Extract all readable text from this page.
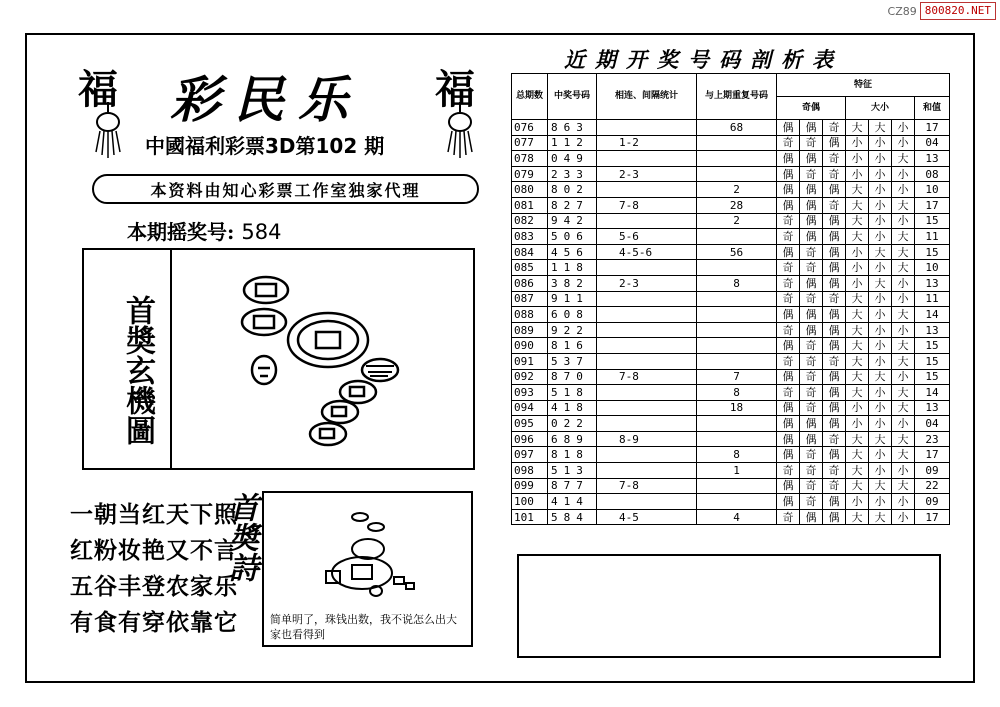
CZ89 800820.NET
福	福
彩民乐
中國福利彩票3D第102 期
本资料由知心彩票工作室独家代理
本期摇奖号: 584
首奬玄機圖
一朝当红天下照
红粉妆艳又不言
五谷丰登农家乐
有食有穿依靠它
首奬詩
简单明了，珠钱出数，我不说怎么出大家也看得到
近期开奖号码剖析表
总期数	中奖号码	相连、间隔统计	与上期重复号码	特征						
				奇偶			大小			和值
076	863		68	偶	偶	奇	大	大	小	17
077	112	1-2		奇	奇	偶	小	小	小	04
078	049			偶	偶	奇	小	小	大	13
079	233	2-3		偶	奇	奇	小	小	小	08
080	802		2	偶	偶	偶	大	小	小	10
081	827	7-8	28	偶	偶	奇	大	小	大	17
082	942		2	奇	偶	偶	大	小	小	15
083	506	5-6		奇	偶	偶	大	小	大	11
084	456	4-5-6	56	偶	奇	偶	小	大	大	15
085	118			奇	奇	偶	小	小	大	10
086	382	2-3	8	奇	偶	偶	小	大	小	13
087	911			奇	奇	奇	大	小	小	11
088	608			偶	偶	偶	大	小	大	14
089	922			奇	偶	偶	大	小	小	13
090	816			偶	奇	偶	大	小	大	15
091	537			奇	奇	奇	大	小	大	15
092	870	7-8	7	偶	奇	偶	大	大	小	15
093	518		8	奇	奇	偶	大	小	大	14
094	418		18	偶	奇	偶	小	小	大	13
095	022			偶	偶	偶	小	小	小	04
096	689	8-9		偶	偶	奇	大	大	大	23
097	818		8	偶	奇	偶	大	小	大	17
098	513		1	奇	奇	奇	大	小	小	09
099	877	7-8		偶	奇	奇	大	大	大	22
100	414			偶	奇	偶	小	小	小	09
101	584	4-5	4	奇	偶	偶	大	大	小	17
